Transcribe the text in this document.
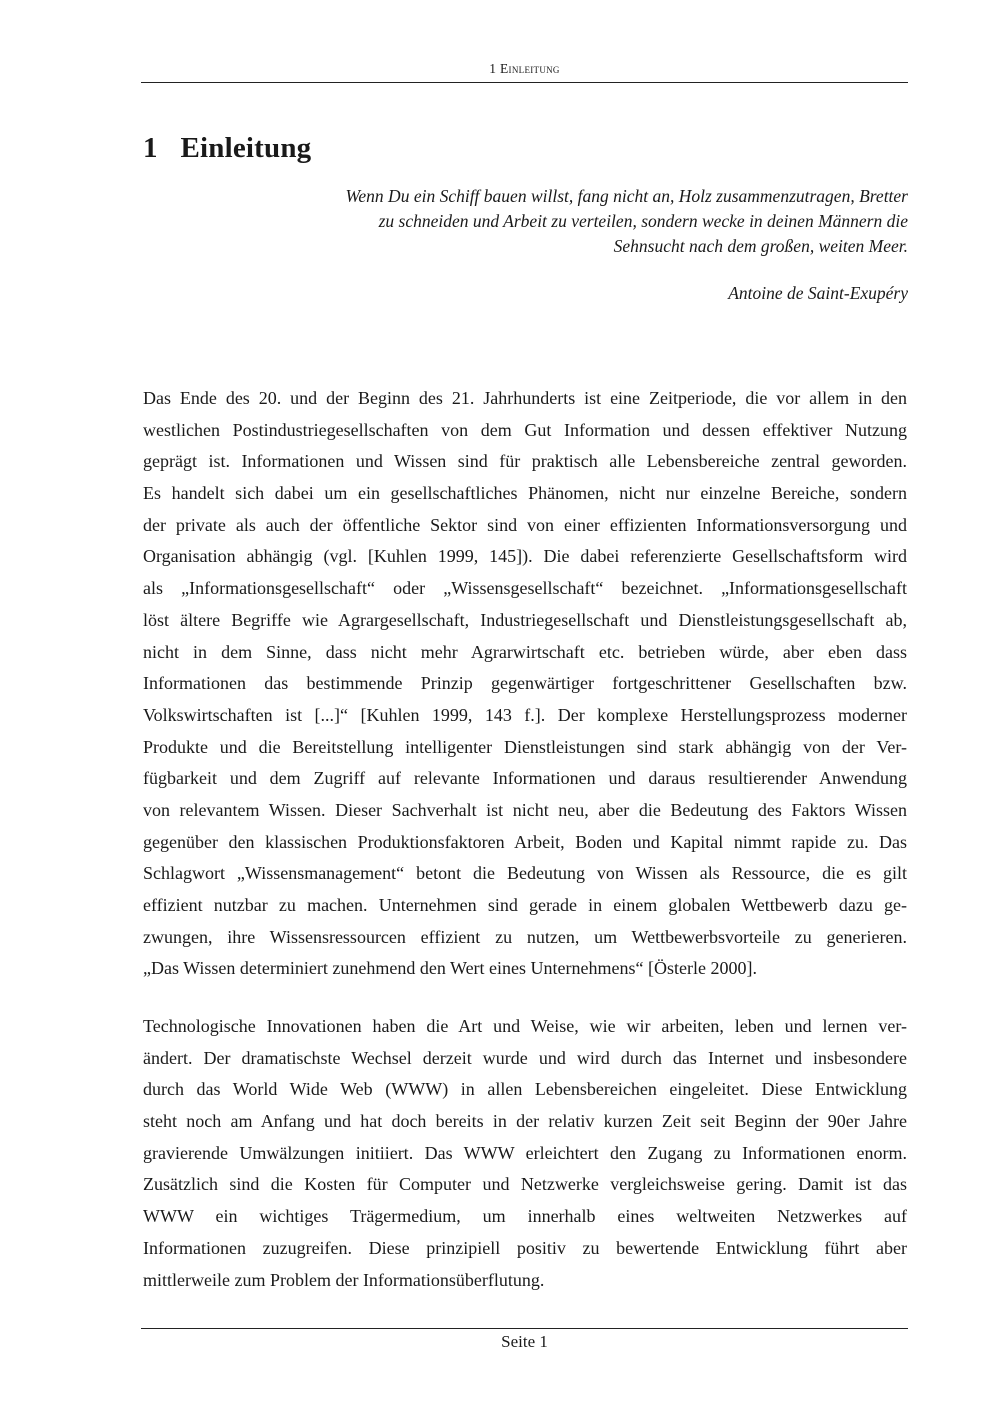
1 Einleitung
1 Einleitung
Wenn Du ein Schiff bauen willst, fang nicht an, Holz zusammenzutragen, Bretter
zu schneiden und Arbeit zu verteilen, sondern wecke in deinen Männern die
Sehnsucht nach dem großen, weiten Meer.
Antoine de Saint-Exupéry
Das Ende des 20. und der Beginn des 21. Jahrhunderts ist eine Zeitperiode, die vor allem in den
westlichen Postindustriegesellschaften von dem Gut Information und dessen effektiver Nutzung
geprägt ist. Informationen und Wissen sind für praktisch alle Lebensbereiche zentral geworden.
Es handelt sich dabei um ein gesellschaftliches Phänomen, nicht nur einzelne Bereiche, sondern
der private als auch der öffentliche Sektor sind von einer effizienten Informationsversorgung und
Organisation abhängig (vgl. [Kuhlen 1999, 145]). Die dabei referenzierte Gesellschaftsform wird
als „Informationsgesellschaft“ oder „Wissensgesellschaft“ bezeichnet. „Informationsgesellschaft
löst ältere Begriffe wie Agrargesellschaft, Industriegesellschaft und Dienstleistungsgesellschaft ab,
nicht in dem Sinne, dass nicht mehr Agrarwirtschaft etc. betrieben würde, aber eben dass
Informationen das bestimmende Prinzip gegenwärtiger fortgeschrittener Gesellschaften bzw.
Volkswirtschaften ist [...]“ [Kuhlen 1999, 143 f.]. Der komplexe Herstellungsprozess moderner
Produkte und die Bereitstellung intelligenter Dienstleistungen sind stark abhängig von der Ver-
fügbarkeit und dem Zugriff auf relevante Informationen und daraus resultierender Anwendung
von relevantem Wissen. Dieser Sachverhalt ist nicht neu, aber die Bedeutung des Faktors Wissen
gegenüber den klassischen Produktionsfaktoren Arbeit, Boden und Kapital nimmt rapide zu. Das
Schlagwort „Wissensmanagement“ betont die Bedeutung von Wissen als Ressource, die es gilt
effizient nutzbar zu machen. Unternehmen sind gerade in einem globalen Wettbewerb dazu ge-
zwungen, ihre Wissensressourcen effizient zu nutzen, um Wettbewerbsvorteile zu generieren.
„Das Wissen determiniert zunehmend den Wert eines Unternehmens“ [Österle 2000].
Technologische Innovationen haben die Art und Weise, wie wir arbeiten, leben und lernen ver-
ändert. Der dramatischste Wechsel derzeit wurde und wird durch das Internet und insbesondere
durch das World Wide Web (WWW) in allen Lebensbereichen eingeleitet. Diese Entwicklung
steht noch am Anfang und hat doch bereits in der relativ kurzen Zeit seit Beginn der 90er Jahre
gravierende Umwälzungen initiiert. Das WWW erleichtert den Zugang zu Informationen enorm.
Zusätzlich sind die Kosten für Computer und Netzwerke vergleichsweise gering. Damit ist das
WWW ein wichtiges Trägermedium, um innerhalb eines weltweiten Netzwerkes auf
Informationen zuzugreifen. Diese prinzipiell positiv zu bewertende Entwicklung führt aber
mittlerweile zum Problem der Informationsüberflutung.
Seite 1
